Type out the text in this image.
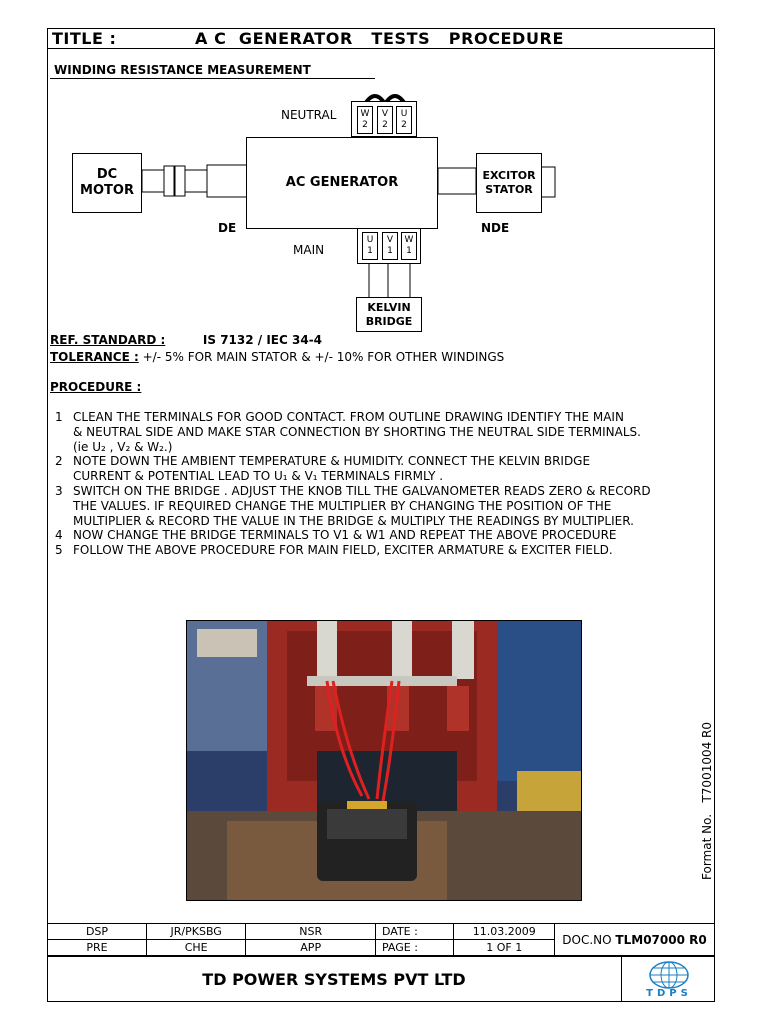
TITLE :	A C  GENERATOR   TESTS   PROCEDURE
WINDING RESISTANCE MEASUREMENT
W
2
V
2
U
2
DC
MOTOR
AC GENERATOR	EXCITOR
STATOR
U
1
V
1
W
1
KELVIN
BRIDGE
NEUTRAL
MAIN
DE	NDE
REF. STANDARD :	IS 7132 / IEC 34-4
TOLERANCE : +/- 5% FOR MAIN STATOR & +/- 10% FOR OTHER WINDINGS
PROCEDURE :
1 CLEAN THE TERMINALS FOR GOOD CONTACT. FROM OUTLINE DRAWING IDENTIFY THE MAIN
& NEUTRAL SIDE AND MAKE STAR CONNECTION BY SHORTING THE NEUTRAL SIDE TERMINALS.
(ie U₂ , V₂ & W₂.)
2 NOTE DOWN THE AMBIENT TEMPERATURE & HUMIDITY. CONNECT THE KELVIN BRIDGE
CURRENT & POTENTIAL LEAD TO U₁ & V₁ TERMINALS FIRMLY .
3 SWITCH ON THE BRIDGE . ADJUST THE KNOB TILL THE GALVANOMETER READS ZERO & RECORD
THE VALUES. IF REQUIRED CHANGE THE MULTIPLIER BY CHANGING THE POSITION OF THE
MULTIPLIER & RECORD THE VALUE IN THE BRIDGE & MULTIPLY THE READINGS BY MULTIPLIER.
4 NOW CHANGE THE BRIDGE TERMINALS TO V1 & W1 AND REPEAT THE ABOVE PROCEDURE
5 FOLLOW THE ABOVE PROCEDURE FOR MAIN FIELD, EXCITER ARMATURE & EXCITER FIELD.
Format No.   T7001004 R0
DSP	JR/PKSBG	NSR	DATE :	11.03.2009
PRE	CHE	APP	PAGE :	1 OF 1
DOC.NO
TLM07000 R0
TD POWER SYSTEMS PVT LTD
TDPS
